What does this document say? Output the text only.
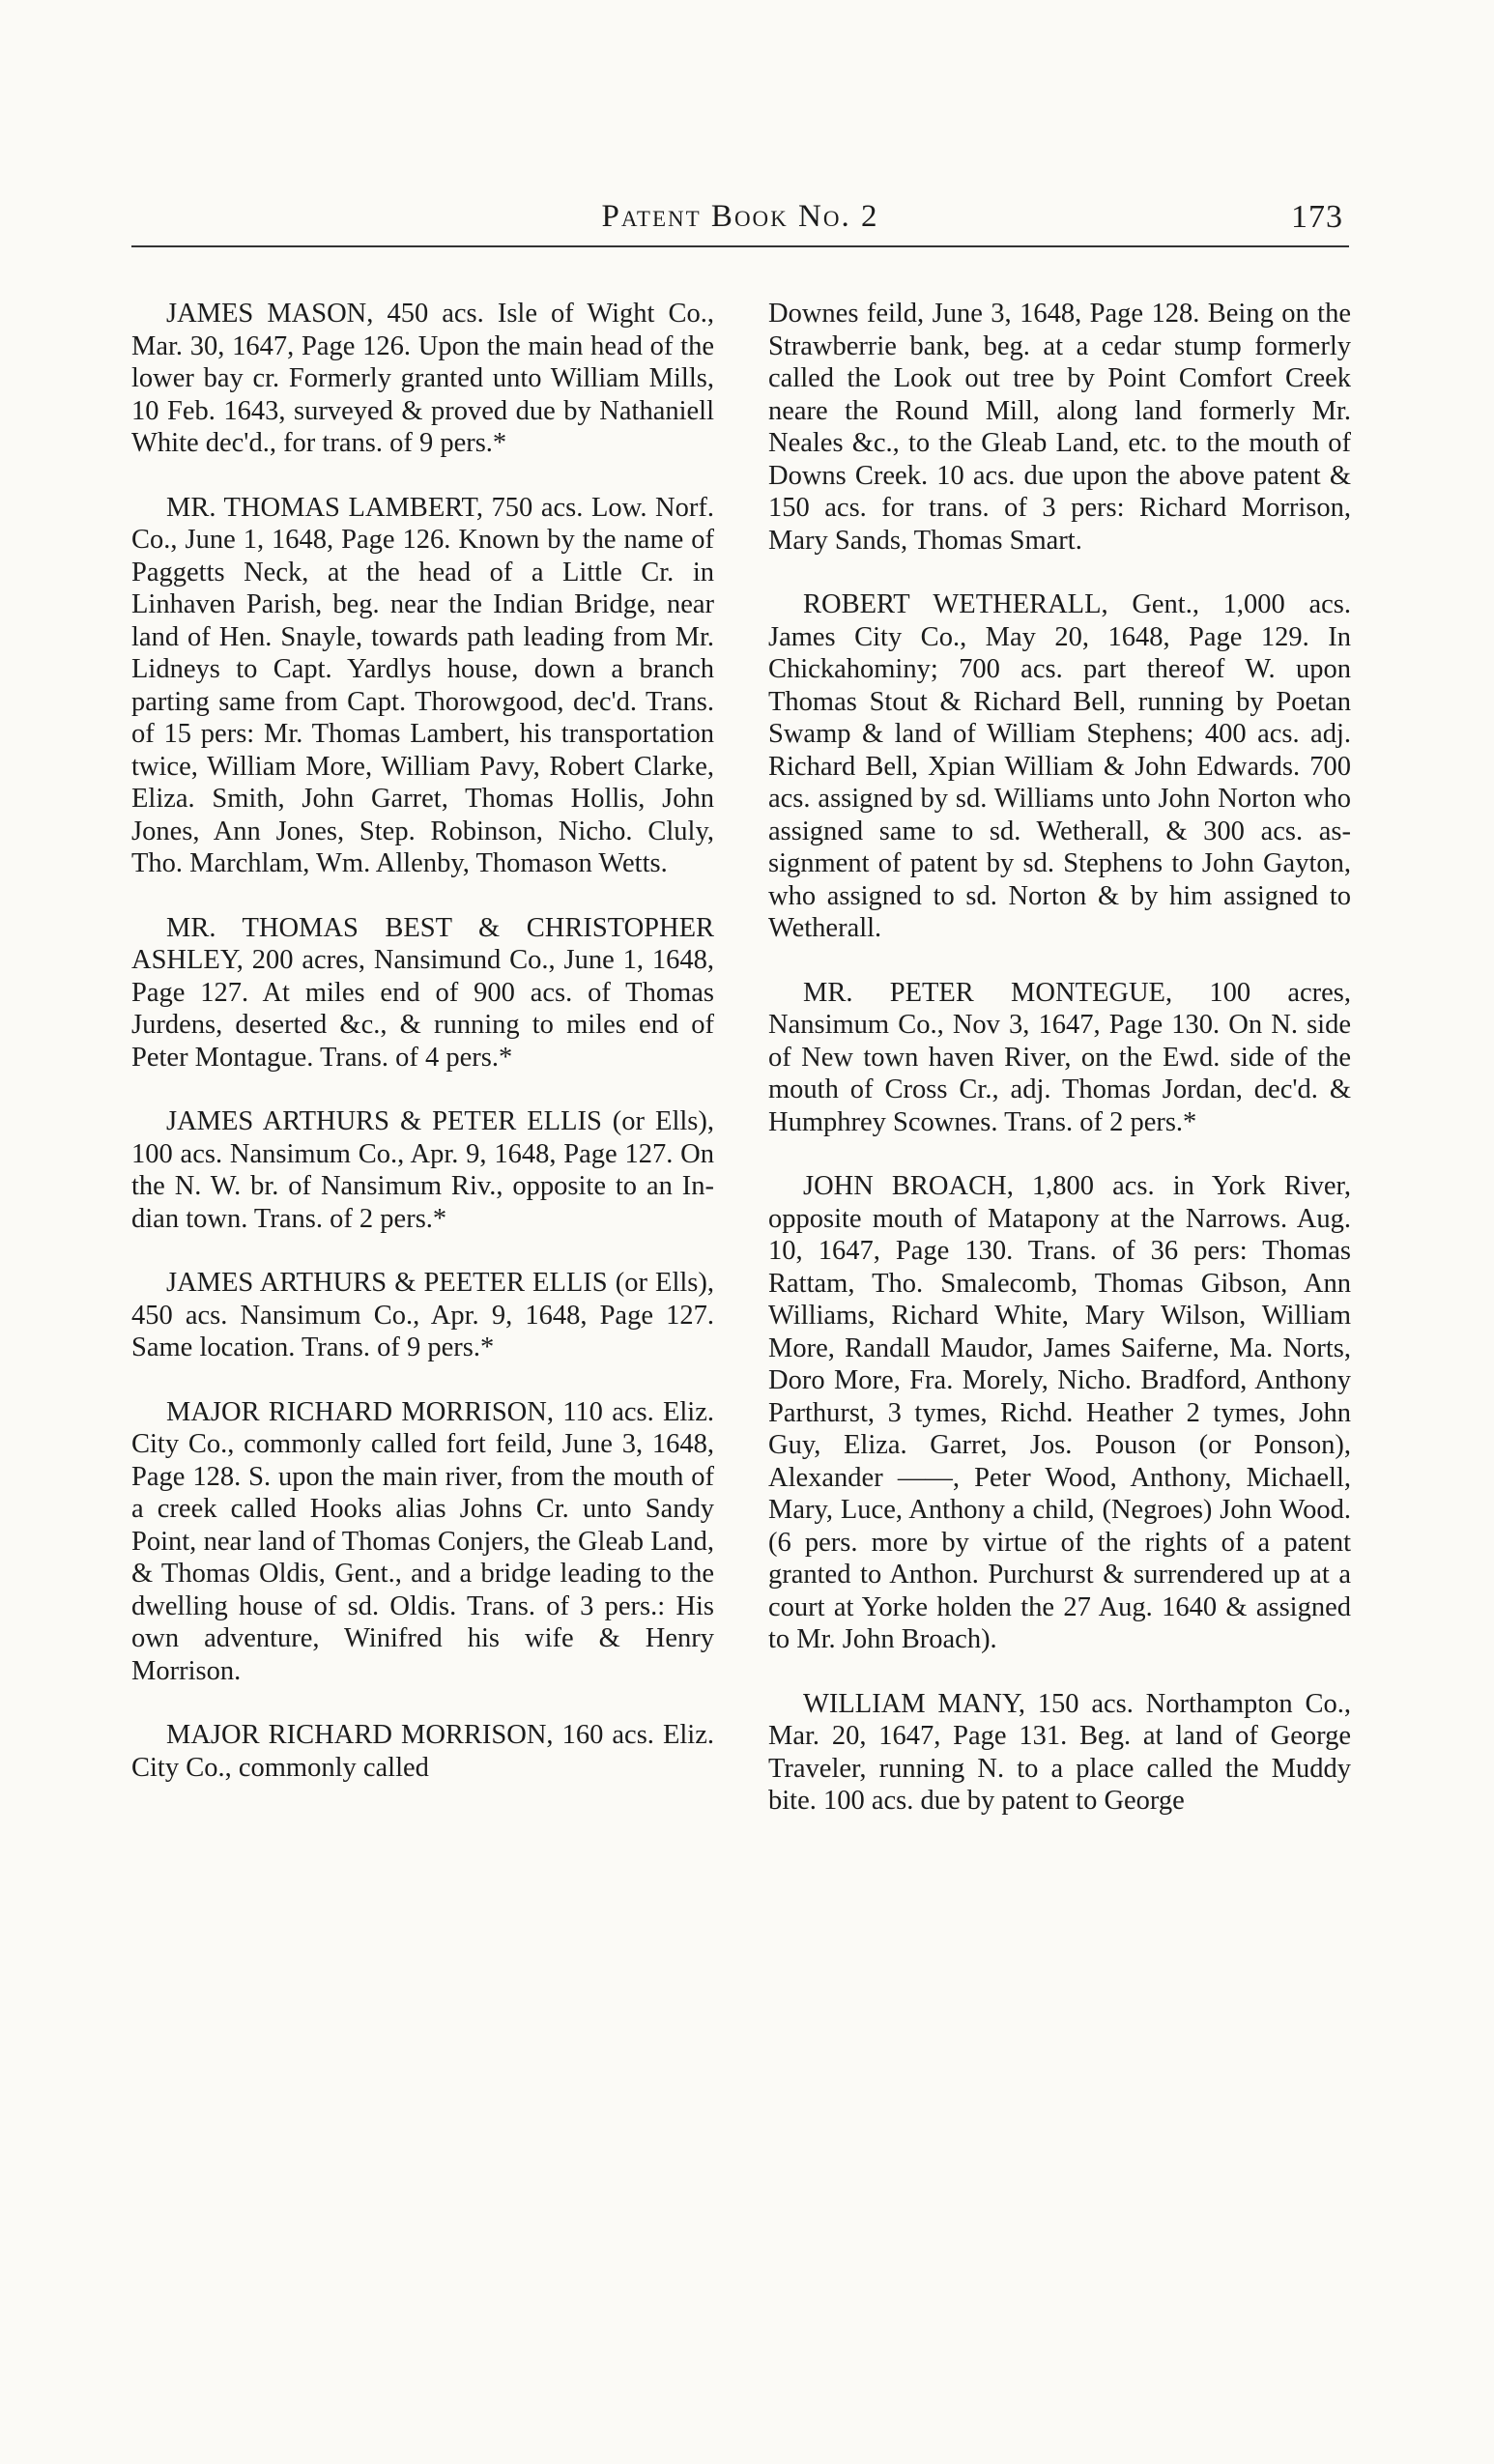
Patent Book No. 2	173

JAMES MASON, 450 acs. Isle of Wight Co., Mar. 30, 1647, Page 126. Upon the main head of the lower bay cr. Formerly granted unto William Mills, 10 Feb. 1643, surveyed & proved due by Nathaniell White dec'd., for trans. of 9 pers.*

MR. THOMAS LAMBERT, 750 acs. Low. Norf. Co., June 1, 1648, Page 126. Known by the name of Paggetts Neck, at the head of a Little Cr. in Linhaven Parish, beg. near the Indian Bridge, near land of Hen. Snayle, towards path leading from Mr. Lidneys to Capt. Yardlys house, down a branch parting same from Capt. Thorowgood, dec'd. Trans. of 15 pers: Mr. Thomas Lambert, his transportation twice, William More, William Pavy, Robert Clarke, Eliza. Smith, John Garret, Thomas Hollis, John Jones, Ann Jones, Step. Robinson, Nicho. Cluly, Tho. Marchlam, Wm. Allenby, Thomason Wetts.

MR. THOMAS BEST & CHRISTOPHER ASHLEY, 200 acres, Nansimund Co., June 1, 1648, Page 127. At miles end of 900 acs. of Thomas Jurdens, deserted &c., & running to miles end of Peter Montague. Trans. of 4 pers.*

JAMES ARTHURS & PETER ELLIS (or Ells), 100 acs. Nansimum Co., Apr. 9, 1648, Page 127. On the N. W. br. of Nansimum Riv., opposite to an Indian town. Trans. of 2 pers.*

JAMES ARTHURS & PEETER ELLIS (or Ells), 450 acs. Nansimum Co., Apr. 9, 1648, Page 127. Same location. Trans. of 9 pers.*

MAJOR RICHARD MORRISON, 110 acs. Eliz. City Co., commonly called fort feild, June 3, 1648, Page 128. S. upon the main river, from the mouth of a creek called Hooks alias Johns Cr. unto Sandy Point, near land of Thomas Conjers, the Gleab Land, & Thomas Oldis, Gent., and a bridge leading to the dwelling house of sd. Oldis. Trans. of 3 pers.: His own adventure, Winifred his wife & Henry Morrison.

MAJOR RICHARD MORRISON, 160 acs. Eliz. City Co., commonly called

Downes feild, June 3, 1648, Page 128. Being on the Strawberrie bank, beg. at a cedar stump formerly called the Look out tree by Point Comfort Creek neare the Round Mill, along land formerly Mr. Neales &c., to the Gleab Land, etc. to the mouth of Downs Creek. 10 acs. due upon the above patent & 150 acs. for trans. of 3 pers: Richard Morrison, Mary Sands, Thomas Smart.

ROBERT WETHERALL, Gent., 1,000 acs. James City Co., May 20, 1648, Page 129. In Chickahominy; 700 acs. part thereof W. upon Thomas Stout & Richard Bell, running by Poetan Swamp & land of William Stephens; 400 acs. adj. Richard Bell, Xpian William & John Edwards. 700 acs. assigned by sd. Williams unto John Norton who assigned same to sd. Wetherall, & 300 acs. assignment of patent by sd. Stephens to John Gayton, who assigned to sd. Norton & by him assigned to Wetherall.

MR. PETER MONTEGUE, 100 acres, Nansimum Co., Nov 3, 1647, Page 130. On N. side of New town haven River, on the Ewd. side of the mouth of Cross Cr., adj. Thomas Jordan, dec'd. & Humphrey Scownes. Trans. of 2 pers.*

JOHN BROACH, 1,800 acs. in York River, opposite mouth of Matapony at the Narrows. Aug. 10, 1647, Page 130. Trans. of 36 pers: Thomas Rattam, Tho. Smalecomb, Thomas Gibson, Ann Williams, Richard White, Mary Wilson, William More, Randall Maudor, James Saiferne, Ma. Norts, Doro More, Fra. Morely, Nicho. Bradford, Anthony Parthurst, 3 tymes, Richd. Heather 2 tymes, John Guy, Eliza. Garret, Jos. Pouson (or Ponson), Alexander ——, Peter Wood, Anthony, Michaell, Mary, Luce, Anthony a child, (Negroes) John Wood. (6 pers. more by virtue of the rights of a patent granted to Anthon. Purchurst & surrendered up at a court at Yorke holden the 27 Aug. 1640 & assigned to Mr. John Broach).

WILLIAM MANY, 150 acs. Northampton Co., Mar. 20, 1647, Page 131. Beg. at land of George Traveler, running N. to a place called the Muddy bite. 100 acs. due by patent to George
